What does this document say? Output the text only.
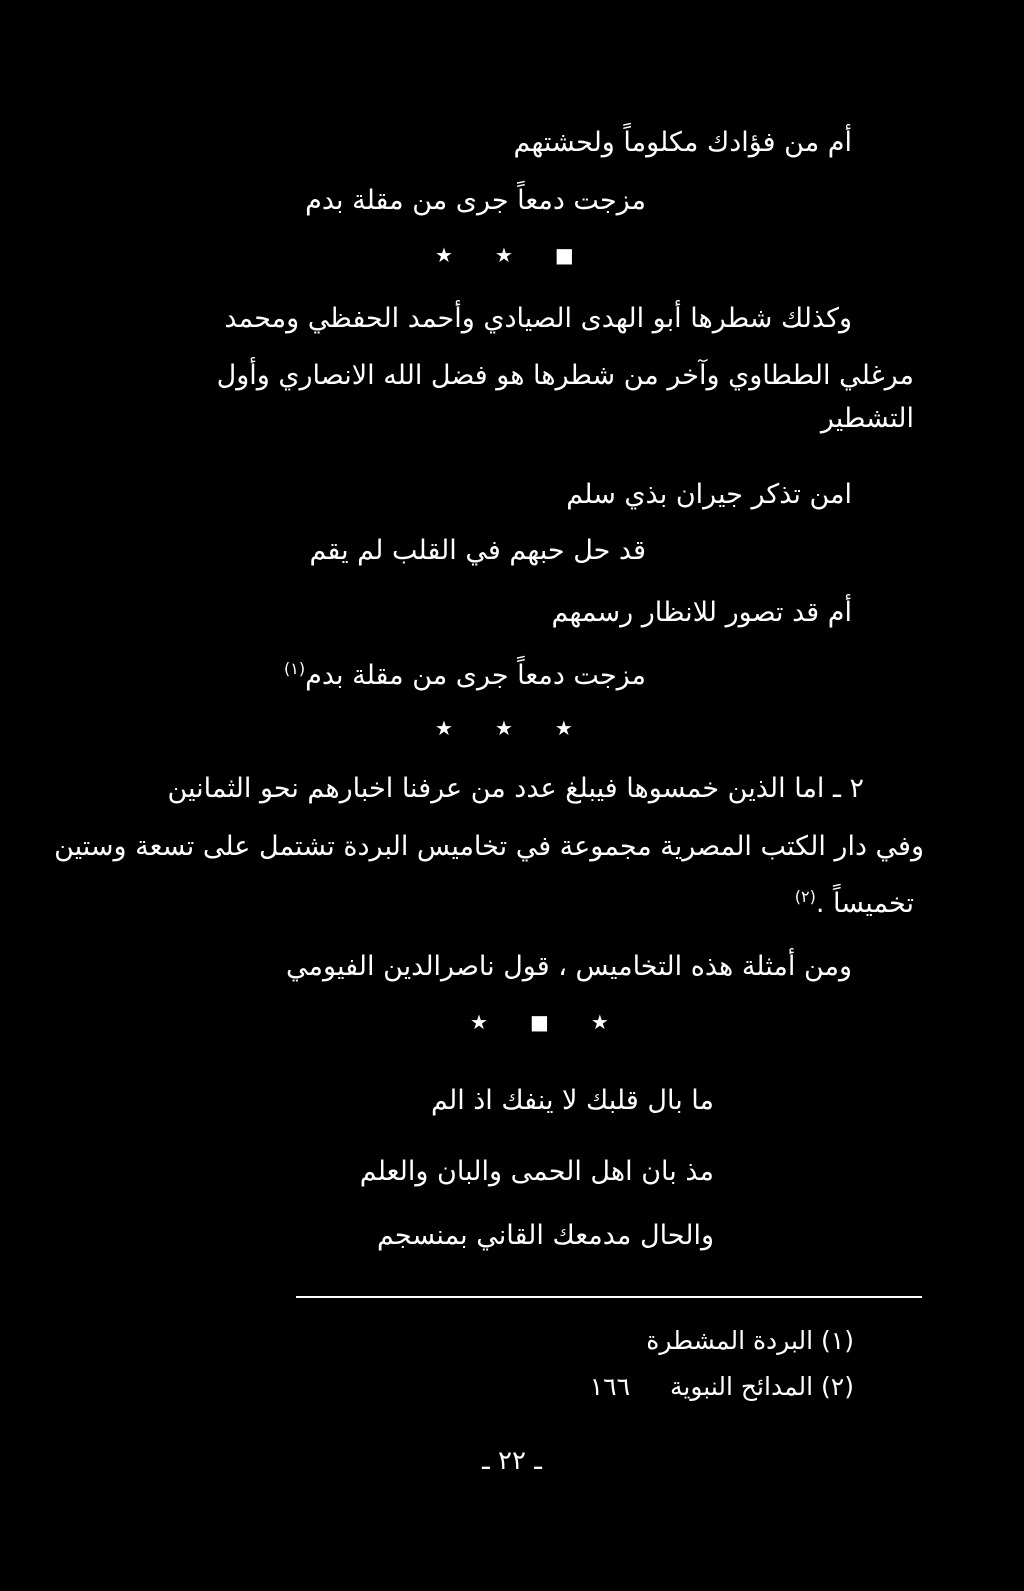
أم من فؤادك مكلوماً ولحشتهم
مزجت دمعاً جرى من مقلة بدم
★ ★ ■
وكذلك شطرها أبو الهدى الصيادي وأحمد الحفظي ومحمد
مرغلي الططاوي وآخر من شطرها هو فضل الله الانصاري وأول
التشطير
امن تذكر جيران بذي سلم
قد حل حبهم في القلب لم يقم
أم قد تصور للانظار رسمهم
مزجت دمعاً جرى من مقلة بدم$^{(١)}$
★ ★ ★
٢ ـ اما الذين خمسوها فيبلغ عدد من عرفنا اخبارهم نحو الثمانين
وفي دار الكتب المصرية مجموعة في تخاميس البردة تشتمل على تسعة وستين
تخميساً .$^{(٢)}$
ومن أمثلة هذه التخاميس ، قول ناصرالدين الفيومي
★ ■ ★
ما بال قلبك لا ينفك اذ الم
مذ بان اهل الحمى والبان والعلم
والحال مدمعك القاني بمنسجم
(١) البردة المشطرة
(٢) المدائح النبوية١٦٦
ـ ٢٢ ـ
